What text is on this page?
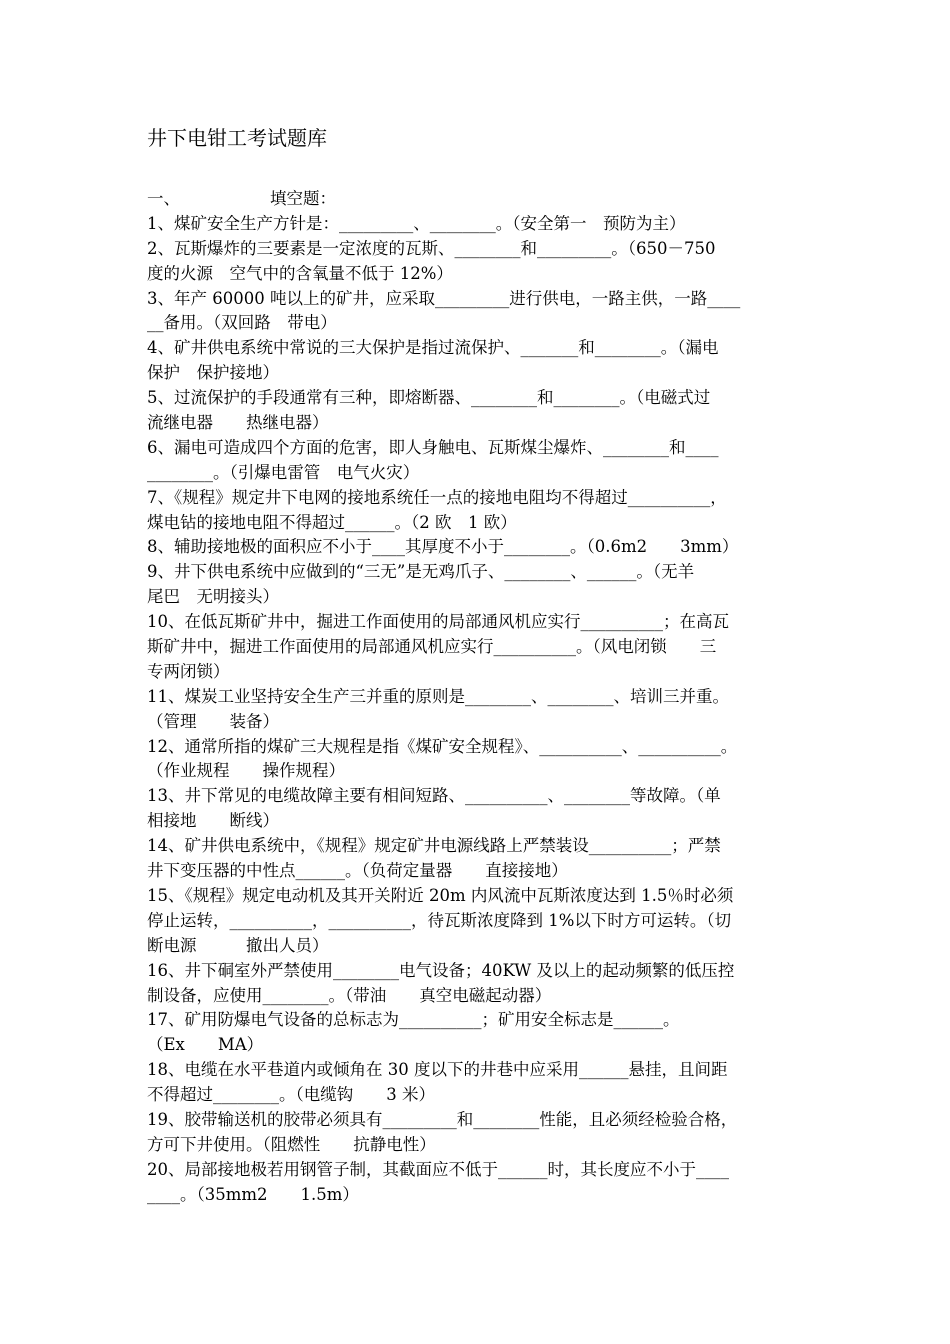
井下电钳工考试题库
一、	填空题：
1、煤矿安全生产方针是：_________、________。（安全第一　预防为主）
2、瓦斯爆炸的三要素是一定浓度的瓦斯、________和_________。（650－750
度的火源　空气中的含氧量不低于 12%）
3、年产 60000 吨以上的矿井，应采取_________进行供电，一路主供，一路____
__备用。（双回路　带电）
4、矿井供电系统中常说的三大保护是指过流保护、_______和________。（漏电
保护　保护接地）
5、过流保护的手段通常有三种，即熔断器、________和________。（电磁式过
流继电器　　热继电器）
6、漏电可造成四个方面的危害，即人身触电、瓦斯煤尘爆炸、________和____
________。（引爆电雷管　电气火灾）
7、《规程》规定井下电网的接地系统任一点的接地电阻均不得超过__________，
煤电钻的接地电阻不得超过______。（2 欧　1 欧）
8、辅助接地极的面积应不小于____其厚度不小于________。（0.6m2　　3mm）
9、井下供电系统中应做到的“三无”是无鸡爪子、________、______。（无羊
尾巴　无明接头）
10、在低瓦斯矿井中，掘进工作面使用的局部通风机应实行__________；在高瓦
斯矿井中，掘进工作面使用的局部通风机应实行__________。（风电闭锁　　三
专两闭锁）
11、煤炭工业坚持安全生产三并重的原则是________、________、培训三并重。
（管理　　装备）
12、通常所指的煤矿三大规程是指《煤矿安全规程》、__________、__________。
（作业规程　　操作规程）
13、井下常见的电缆故障主要有相间短路、__________、________等故障。（单
相接地　　断线）
14、矿井供电系统中，《规程》规定矿井电源线路上严禁装设__________；严禁
井下变压器的中性点______。（负荷定量器　　直接接地）
15、《规程》规定电动机及其开关附近 20m 内风流中瓦斯浓度达到 1.5％时必须
停止运转，__________，__________，待瓦斯浓度降到 1%以下时方可运转。（切
断电源　　　撤出人员）
16、井下硐室外严禁使用________电气设备；40KW 及以上的起动频繁的低压控
制设备，应使用________。（带油　　真空电磁起动器）
17、矿用防爆电气设备的总标志为__________；矿用安全标志是______。
（Ex　　MA）
18、电缆在水平巷道内或倾角在 30 度以下的井巷中应采用______悬挂，且间距
不得超过________。（电缆钩　　3 米）
19、胶带输送机的胶带必须具有_________和________性能，且必须经检验合格，
方可下井使用。（阻燃性　　抗静电性）
20、局部接地极若用钢管子制，其截面应不低于______时，其长度应不小于____
____。（35mm2　　1.5m）
